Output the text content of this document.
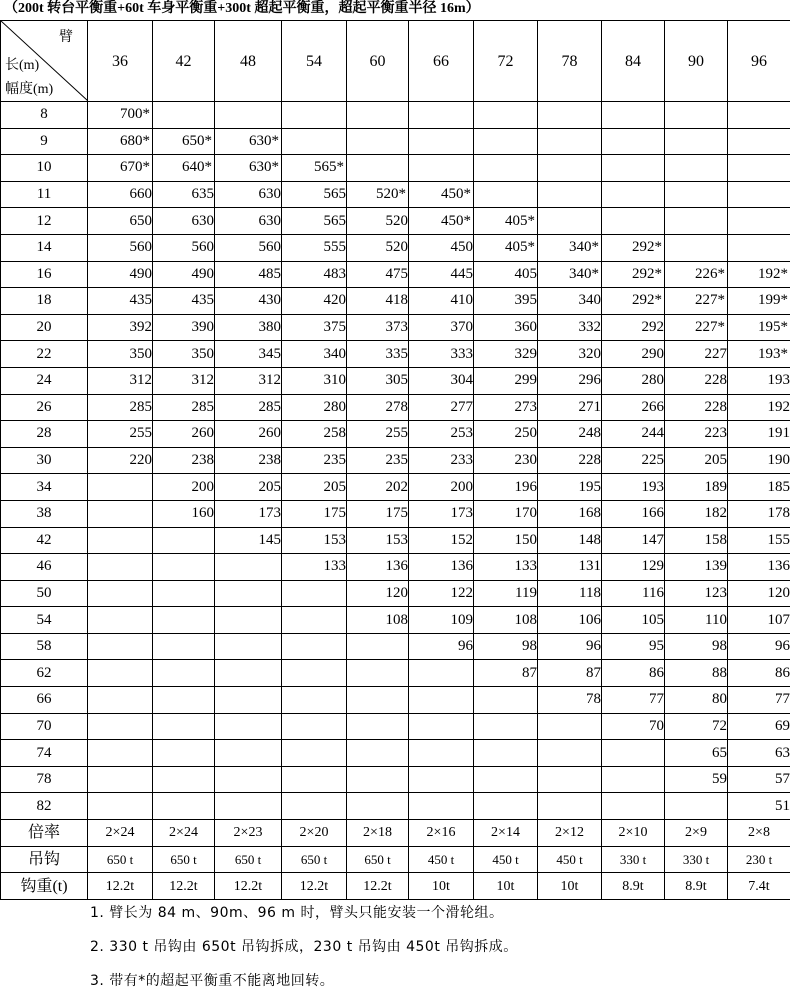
（200t 转台平衡重+60t 车身平衡重+300t 超起平衡重，超起平衡重半径 16m）
臂
长(m)
幅度(m)	36	42	48	54	60	66	72	78	84	90	96
8	700*										
9	680*	650*	630*								
10	670*	640*	630*	565*							
11	660	635	630	565	520*	450*					
12	650	630	630	565	520	450*	405*				
14	560	560	560	555	520	450	405*	340*	292*		
16	490	490	485	483	475	445	405	340*	292*	226*	192*
18	435	435	430	420	418	410	395	340	292*	227*	199*
20	392	390	380	375	373	370	360	332	292	227*	195*
22	350	350	345	340	335	333	329	320	290	227	193*
24	312	312	312	310	305	304	299	296	280	228	193
26	285	285	285	280	278	277	273	271	266	228	192
28	255	260	260	258	255	253	250	248	244	223	191
30	220	238	238	235	235	233	230	228	225	205	190
34		200	205	205	202	200	196	195	193	189	185
38		160	173	175	175	173	170	168	166	182	178
42			145	153	153	152	150	148	147	158	155
46				133	136	136	133	131	129	139	136
50					120	122	119	118	116	123	120
54					108	109	108	106	105	110	107
58						96	98	96	95	98	96
62							87	87	86	88	86
66								78	77	80	77
70									70	72	69
74										65	63
78										59	57
82											51
倍率	2×24	2×24	2×23	2×20	2×18	2×16	2×14	2×12	2×10	2×9	2×8
吊钩	650 t	650 t	650 t	650 t	650 t	450 t	450 t	450 t	330 t	330 t	230 t
钩重(t)	12.2t	12.2t	12.2t	12.2t	12.2t	10t	10t	10t	8.9t	8.9t	7.4t
1. 臂长为 84 m、90m、96 m 时，臂头只能安装一个滑轮组。
2. 330 t 吊钩由 650t 吊钩拆成，230 t 吊钩由 450t 吊钩拆成。
3. 带有*的超起平衡重不能离地回转。
